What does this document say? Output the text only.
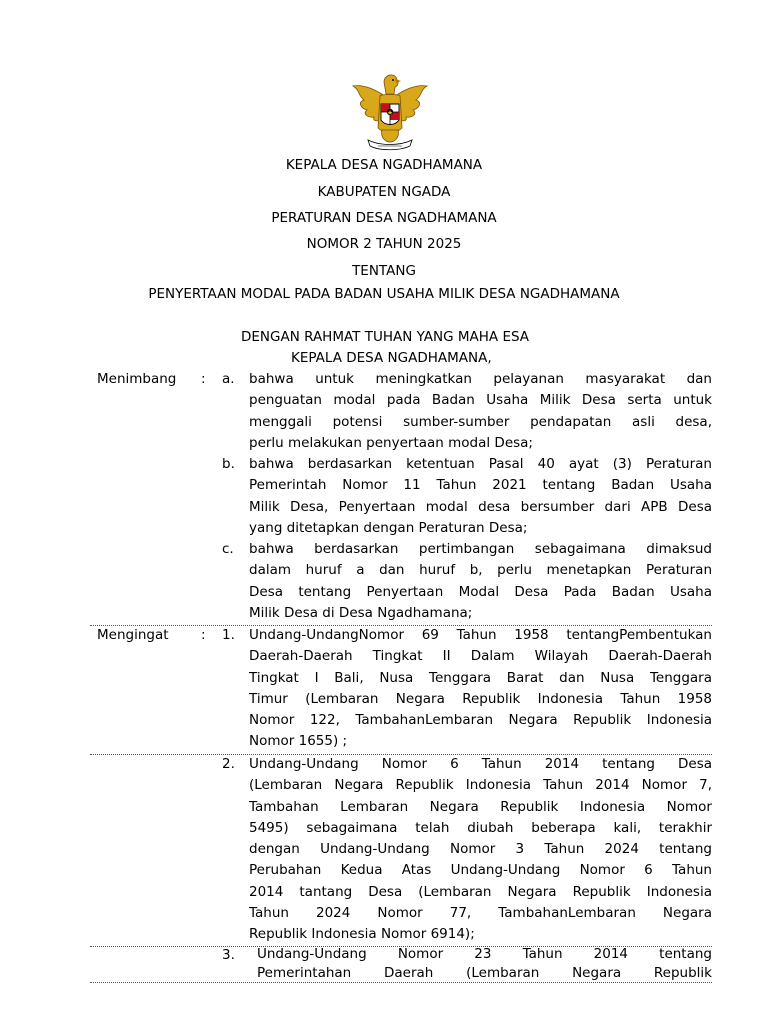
KEPALA DESA NGADHAMANA
KABUPATEN NGADA
PERATURAN DESA NGADHAMANA
NOMOR 2 TAHUN 2025
TENTANG
PENYERTAAN MODAL PADA BADAN USAHA MILIK DESA NGADHAMANA
DENGAN RAHMAT TUHAN YANG MAHA ESA
KEPALA DESA NGADHAMANA,
Menimbang : a. bahwa untuk meningkatkan pelayanan masyarakat dan
penguatan modal pada Badan Usaha Milik Desa serta untuk
menggali potensi sumber-sumber pendapatan asli desa,
perlu melakukan penyertaan modal Desa;
b. bahwa berdasarkan ketentuan Pasal 40 ayat (3) Peraturan
Pemerintah Nomor 11 Tahun 2021 tentang Badan Usaha
Milik Desa, Penyertaan modal desa bersumber dari APB Desa
yang ditetapkan dengan Peraturan Desa;
c. bahwa berdasarkan pertimbangan sebagaimana dimaksud
dalam huruf a dan huruf b, perlu menetapkan Peraturan
Desa tentang Penyertaan Modal Desa Pada Badan Usaha
Milik Desa di Desa Ngadhamana;
Mengingat : 1. Undang-UndangNomor 69 Tahun 1958 tentangPembentukan
Daerah-Daerah Tingkat II Dalam Wilayah Daerah-Daerah
Tingkat I Bali, Nusa Tenggara Barat dan Nusa Tenggara
Timur (Lembaran Negara Republik Indonesia Tahun 1958
Nomor 122, TambahanLembaran Negara Republik Indonesia
Nomor 1655) ;
2. Undang-Undang Nomor 6 Tahun 2014 tentang Desa
(Lembaran Negara Republik Indonesia Tahun 2014 Nomor 7,
Tambahan Lembaran Negara Republik Indonesia Nomor
5495) sebagaimana telah diubah beberapa kali, terakhir
dengan Undang-Undang Nomor 3 Tahun 2024 tentang
Perubahan Kedua Atas Undang-Undang Nomor 6 Tahun
2014 tantang Desa (Lembaran Negara Republik Indonesia
Tahun 2024 Nomor 77, TambahanLembaran Negara
Republik Indonesia Nomor 6914);
3. Undang-Undang Nomor 23 Tahun 2014 tentang
Pemerintahan Daerah (Lembaran Negara Republik
